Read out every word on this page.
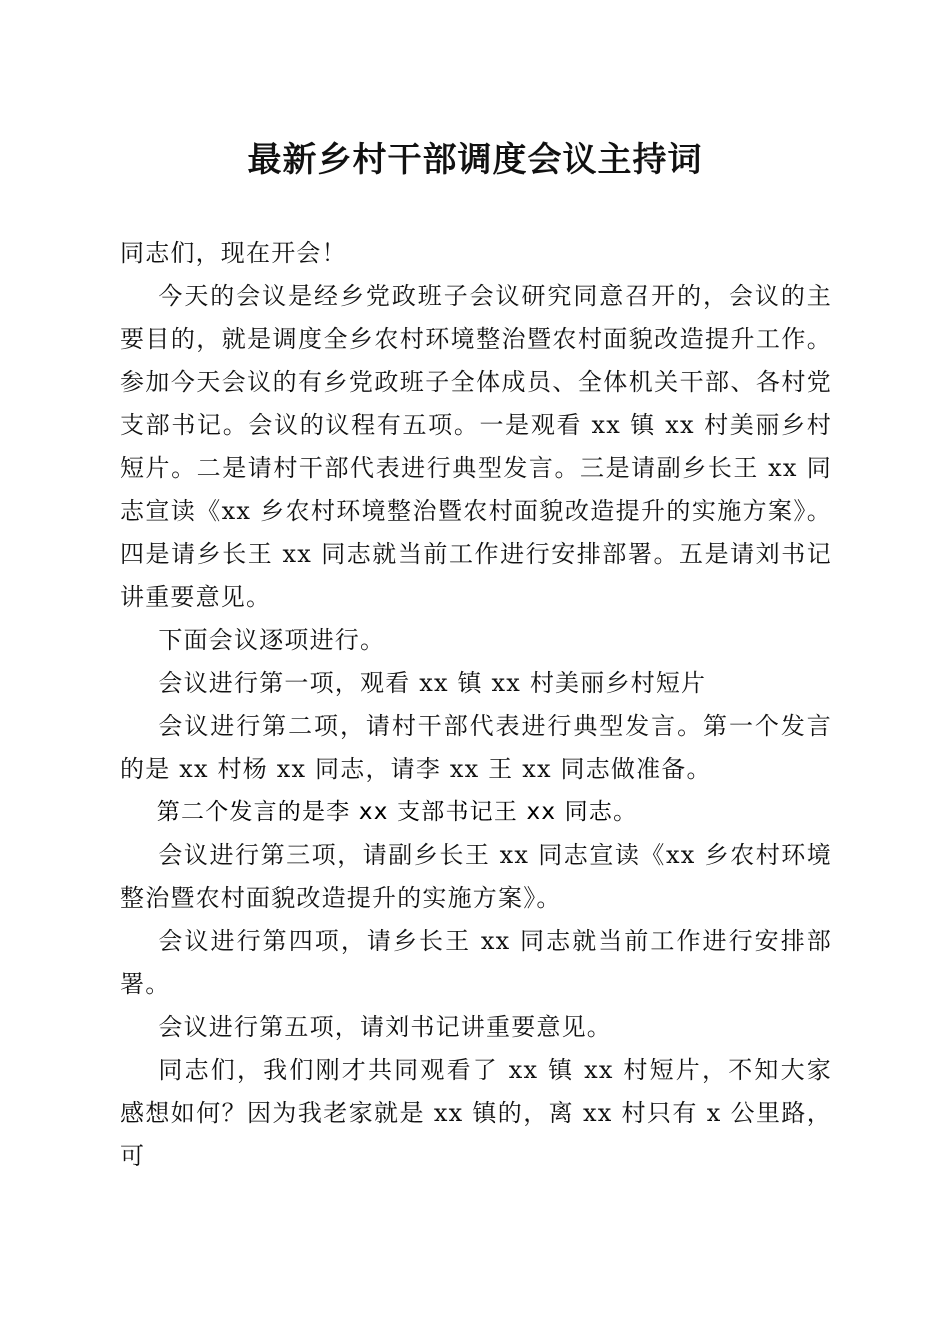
最新乡村干部调度会议主持词

同志们，现在开会！

今天的会议是经乡党政班子会议研究同意召开的，会议的主要目的，就是调度全乡农村环境整治暨农村面貌改造提升工作。参加今天会议的有乡党政班子全体成员、全体机关干部、各村党支部书记。会议的议程有五项。一是观看 xx 镇 xx 村美丽乡村短片。二是请村干部代表进行典型发言。三是请副乡长王 xx 同志宣读《xx 乡农村环境整治暨农村面貌改造提升的实施方案》。四是请乡长王 xx 同志就当前工作进行安排部署。五是请刘书记讲重要意见。

下面会议逐项进行。

会议进行第一项，观看 xx 镇 xx 村美丽乡村短片

会议进行第二项，请村干部代表进行典型发言。第一个发言的是 xx 村杨 xx 同志，请李 xx 王 xx 同志做准备。

第二个发言的是李 xx 支部书记王 xx 同志。

会议进行第三项，请副乡长王 xx 同志宣读《xx 乡农村环境整治暨农村面貌改造提升的实施方案》。

会议进行第四项，请乡长王 xx 同志就当前工作进行安排部署。

会议进行第五项，请刘书记讲重要意见。

同志们，我们刚才共同观看了 xx 镇 xx 村短片，不知大家感想如何？因为我老家就是 xx 镇的，离 xx 村只有 x 公里路，可
